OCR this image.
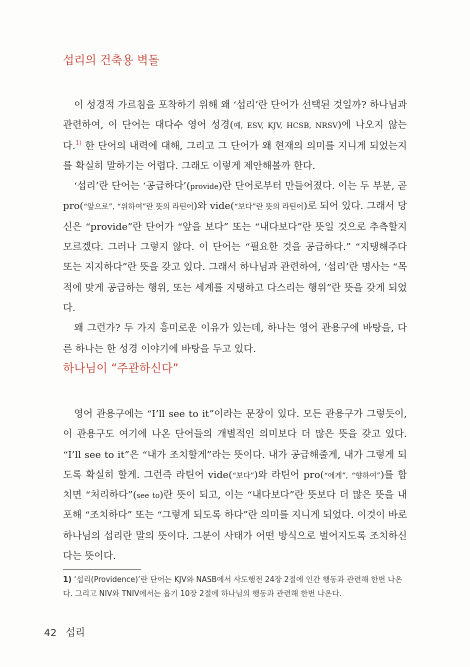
섭리의 건축용 벽돌

이 성경적 가르침을 포착하기 위해 왜 ‘섭리’란 단어가 선택된 것일까? 하나님과 관련하여, 이 단어는 대다수 영어 성경(예, ESV, KJV, HCSB, NRSV)에 나오지 않는다.$^{1)}$ 한 단어의 내력에 대해, 그리고 그 단어가 왜 현재의 의미를 지니게 되었는지를 확실히 말하기는 어렵다. 그래도 이렇게 제안해볼까 한다.

‘섭리’란 단어는 ‘공급하다’(provide)란 단어로부터 만들어졌다. 이는 두 부분, 곧 pro(“앞으로”, “위하여”란 뜻의 라틴어)와 vide(“보다”란 뜻의 라틴어)로 되어 있다. 그래서 당신은 “provide”란 단어가 “앞을 보다” 또는 “내다보다”란 뜻일 것으로 추측할지 모르겠다. 그러나 그렇지 않다. 이 단어는 “필요한 것을 공급하다.” “지탱해주다 또는 지지하다”란 뜻을 갖고 있다. 그래서 하나님과 관련하여, ‘섭리’란 명사는 “목적에 맞게 공급하는 행위, 또는 세계를 지탱하고 다스리는 행위”란 뜻을 갖게 되었다.

왜 그런가? 두 가지 흥미로운 이유가 있는데, 하나는 영어 관용구에 바탕을, 다른 하나는 한 성경 이야기에 바탕을 두고 있다.

하나님이 “주관하신다”

영어 관용구에는 “I’ll see to it”이라는 문장이 있다. 모든 관용구가 그렇듯이, 이 관용구도 여기에 나온 단어들의 개별적인 의미보다 더 많은 뜻을 갖고 있다. “I’ll see to it”은 “내가 조치할게”라는 뜻이다. 내가 공급해줄게, 내가 그렇게 되도록 확실히 할게. 그런즉 라틴어 vide(“보다”)와 라틴어 pro(“에게”, “향하여”)를 합치면 “처리하다”(see to)란 뜻이 되고, 이는 “내다보다”란 뜻보다 더 많은 뜻을 내포해 “조치하다” 또는 “그렇게 되도록 하다”란 의미를 지니게 되었다. 이것이 바로 하나님의 섭리란 말의 뜻이다. 그분이 사태가 어떤 방식으로 벌어지도록 조치하신다는 뜻이다.

1) ‘섭리(Providence)’란 단어는 KJV와 NASB에서 사도행전 24장 2절에 인간 행동과 관련해 한번 나온다. 그리고 NIV와 TNIV에서는 욥기 10장 2절에 하나님의 행동과 관련해 한번 나온다.
42 섭리
